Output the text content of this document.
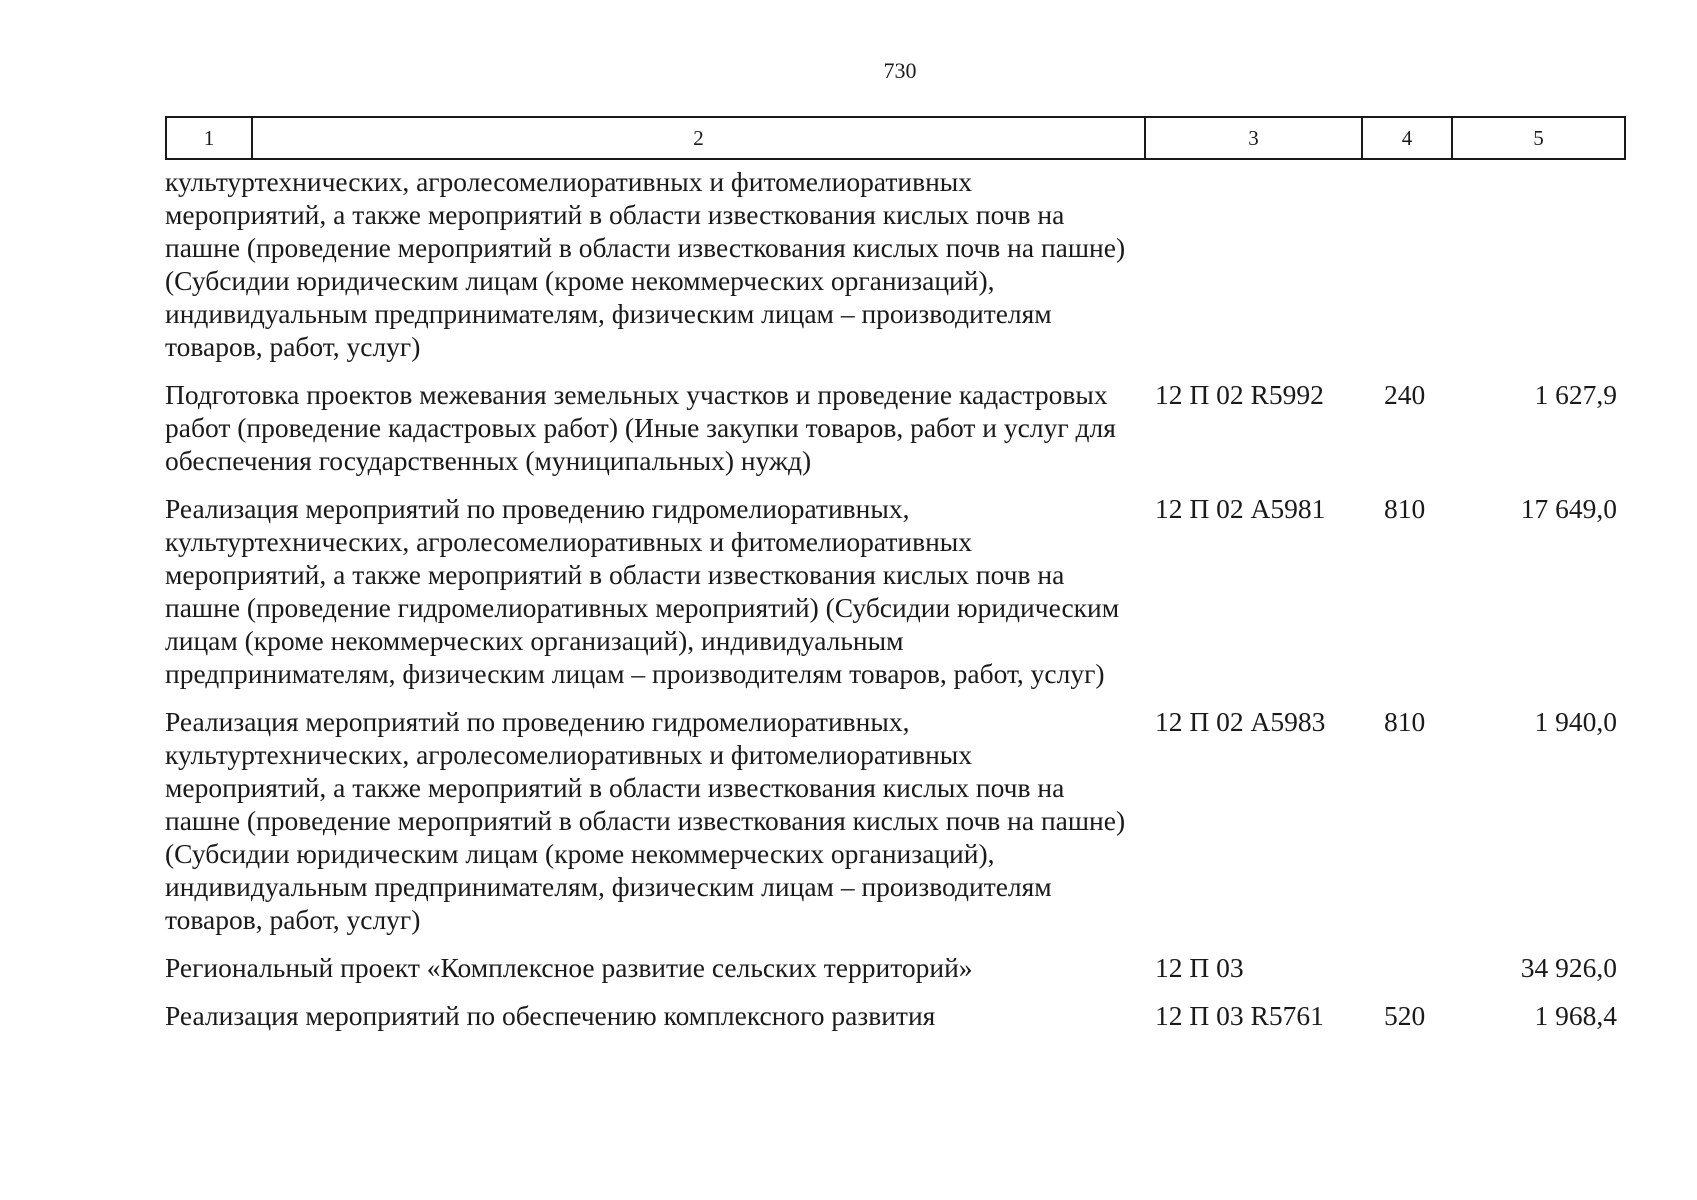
730
1	2	3	4	5

	культуртехнических, агролесомелиоративных и фитомелиоративных мероприятий, а также мероприятий в области известкования кислых почв на пашне (проведение мероприятий в области известкования кислых почв на пашне) (Субсидии юридическим лицам (кроме некоммерческих организаций), индивидуальным предпринимателям, физическим лицам – производителям товаров, работ, услуг)			

	Подготовка проектов межевания земельных участков и проведение кадастровых работ (проведение кадастровых работ) (Иные закупки товаров, работ и услуг для обеспечения государственных (муниципальных) нужд)	12 П 02 R5992	240	1 627,9

	Реализация мероприятий по проведению гидромелиоративных, культуртехнических, агролесомелиоративных и фитомелиоративных мероприятий, а также мероприятий в области известкования кислых почв на пашне (проведение гидромелиоративных мероприятий) (Субсидии юридическим лицам (кроме некоммерческих организаций), индивидуальным предпринимателям, физическим лицам – производителям товаров, работ, услуг)	12 П 02 A5981	810	17 649,0

	Реализация мероприятий по проведению гидромелиоративных, культуртехнических, агролесомелиоративных и фитомелиоративных мероприятий, а также мероприятий в области известкования кислых почв на пашне (проведение мероприятий в области известкования кислых почв на пашне) (Субсидии юридическим лицам (кроме некоммерческих организаций), индивидуальным предпринимателям, физическим лицам – производителям товаров, работ, услуг)	12 П 02 A5983	810	1 940,0

	Региональный проект «Комплексное развитие сельских территорий»	12 П 03		34 926,0

	Реализация мероприятий по обеспечению комплексного развития	12 П 03 R5761	520	1 968,4
